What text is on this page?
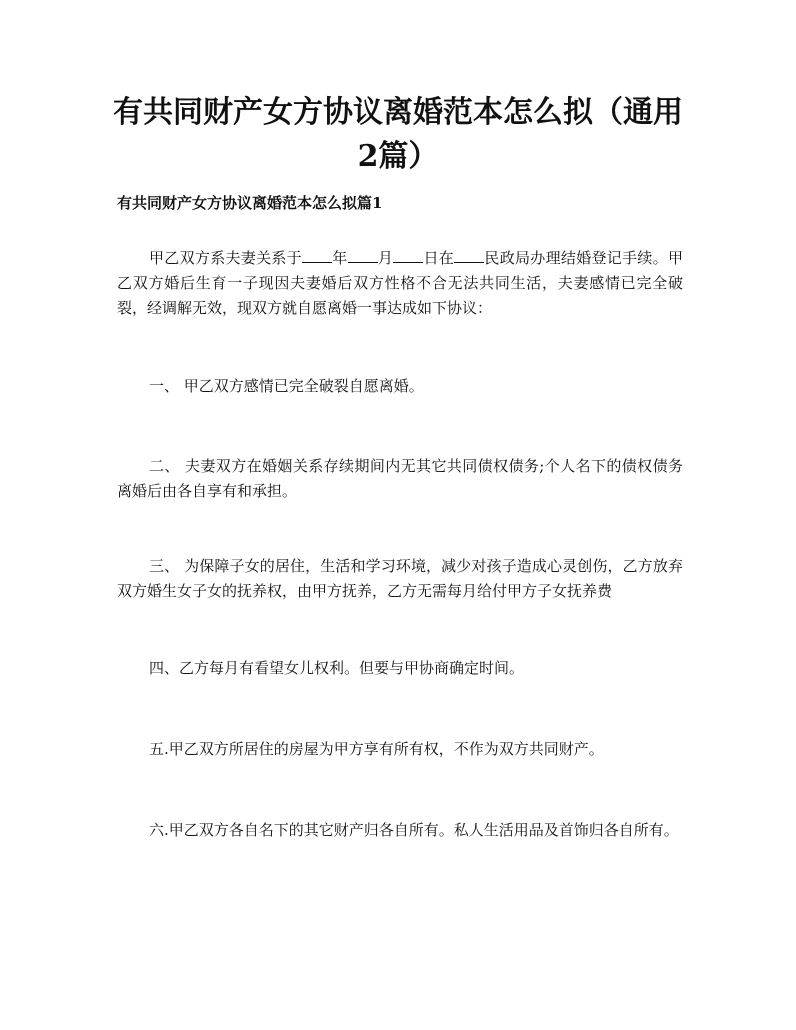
有共同财产女方协议离婚范本怎么拟（通用
2篇）
有共同财产女方协议离婚范本怎么拟篇1

甲乙双方系夫妻关系于 年 月 日在 民政局办理结婚登记手续。甲乙双方婚后生育一子现因夫妻婚后双方性格不合无法共同生活，夫妻感情已完全破裂，经调解无效，现双方就自愿离婚一事达成如下协议：

一、 甲乙双方感情已完全破裂自愿离婚。

二、 夫妻双方在婚姻关系存续期间内无其它共同债权债务;个人名下的债权债务离婚后由各自享有和承担。

三、 为保障子女的居住，生活和学习环境，减少对孩子造成心灵创伤，乙方放弃双方婚生女子女的抚养权，由甲方抚养，乙方无需每月给付甲方子女抚养费

四、乙方每月有看望女儿权利。但要与甲协商确定时间。

五.甲乙双方所居住的房屋为甲方享有所有权，不作为双方共同财产。

六.甲乙双方各自名下的其它财产归各自所有。私人生活用品及首饰归各自所有。
